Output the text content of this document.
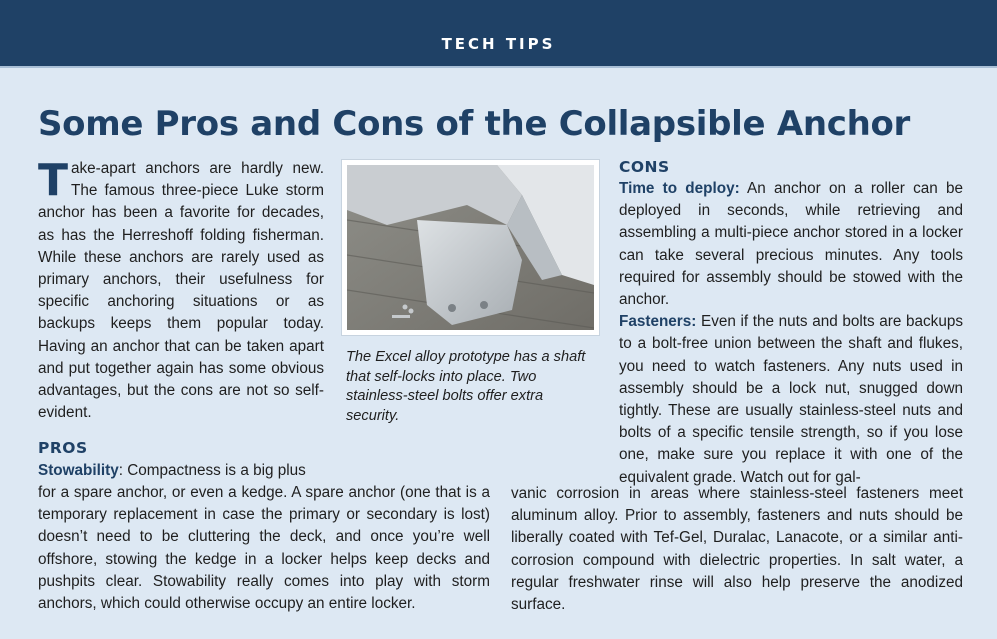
TECH TIPS
Some Pros and Cons of the Collapsible Anchor

Take-apart anchors are hardly new. The famous three-piece Luke storm anchor has been a favorite for decades, as has the Herreshoff folding fisherman. While these anchors are rarely used as primary anchors, their usefulness for specific anchoring situations or as backups keeps them popular today. Having an anchor that can be taken apart and put together again has some obvious advantages, but the cons are not so self-evident.

The Excel alloy prototype has a shaft that self-locks into place. Two stainless-steel bolts offer extra security.
PROS
Stowability: Compactness is a big plus

for a spare anchor, or even a kedge. A spare anchor (one that is a temporary replacement in case the primary or secondary is lost) doesn’t need to be cluttering the deck, and once you’re well offshore, stowing the kedge in a locker helps keep decks and pushpits clear. Stowability really comes into play with storm anchors, which could otherwise occupy an entire locker.

CONS

Time to deploy: An anchor on a roller can be deployed in seconds, while retrieving and assembling a multi-piece anchor stored in a locker can take several precious minutes. Any tools required for assembly should be stowed with the anchor.

Fasteners: Even if the nuts and bolts are backups to a bolt-free union between the shaft and flukes, you need to watch fasteners. Any nuts used in assembly should be a lock nut, snugged down tightly. These are usually stainless-steel nuts and bolts of a specific tensile strength, so if you lose one, make sure you replace it with one of the equivalent grade. Watch out for gal-

vanic corrosion in areas where stainless-steel fasteners meet aluminum alloy. Prior to assembly, fasteners and nuts should be liberally coated with Tef-Gel, Duralac, Lanacote, or a similar anti-corrosion compound with dielectric properties. In salt water, a regular freshwater rinse will also help preserve the anodized surface.
